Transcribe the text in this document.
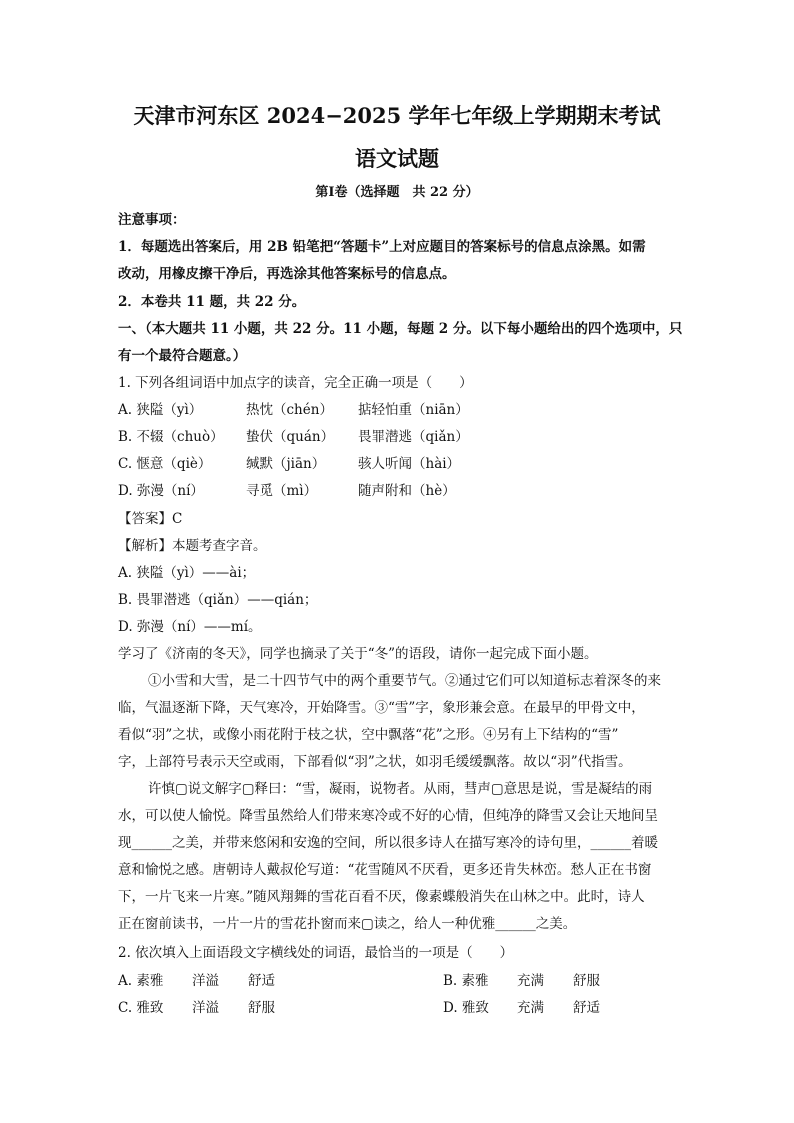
天津市河东区 2024−2025 学年七年级上学期期末考试
语文试题
第Ⅰ卷（选择题　共 22 分）
注意事项：
1．每题选出答案后，用 2B 铅笔把“答题卡”上对应题目的答案标号的信息点涂黑。如需
改动，用橡皮擦干净后，再选涂其他答案标号的信息点。
2．本卷共 11 题，共 22 分。
一、（本大题共 11 小题，共 22 分。11 小题，每题 2 分。以下每小题给出的四个选项中，只
有一个最符合题意。）
1. 下列各组词语中加点字的读音，完全正确一项是（　　）
A. 狭隘（yì）	热忱（chén） 掂轻怕重（niān）
B. 不辍（chuò） 蛰伏（quán） 畏罪潜逃（qiǎn）
C. 惬意（qiè）	缄默（jiān） 骇人听闻（hài）
D. 弥漫（ní）	寻觅（mì）	随声附和（hè）
【答案】C
【解析】本题考查字音。
A. 狭隘（yì）——ài；
B. 畏罪潜逃（qiǎn）——qián；
D. 弥漫（ní）——mí。
学习了《济南的冬天》，同学也摘录了关于“冬”的语段，请你一起完成下面小题。
①小雪和大雪，是二十四节气中的两个重要节气。②通过它们可以知道标志着深冬的来
临，气温逐渐下降，天气寒冷，开始降雪。③“雪”字，象形兼会意。在最早的甲骨文中，
看似“羽”之状，或像小雨花附于枝之状，空中飘落“花”之形。④另有上下结构的“雪”
字，上部符号表示天空或雨，下部看似“羽”之状，如羽毛缓缓飘落。故以“羽”代指雪。
许慎▢说文解字▢释曰：“雪，凝雨，说物者。从雨，彗声▢意思是说，雪是凝结的雨
水，可以使人愉悦。降雪虽然给人们带来寒冷或不好的心情，但纯净的降雪又会让天地间呈
现______之美，并带来悠闲和安逸的空间，所以很多诗人在描写寒冷的诗句里，______着暖
意和愉悦之感。唐朝诗人戴叔伦写道：“花雪随风不厌看，更多还肯失林峦。愁人正在书窗
下，一片飞来一片寒。”随风翔舞的雪花百看不厌，像素蝶般消失在山林之中。此时，诗人
正在窗前读书，一片一片的雪花扑窗而来▢读之，给人一种优雅______之美。
2. 依次填入上面语段文字横线处的词语，最恰当的一项是（　　）
A. 素雅 洋溢 舒适	B. 素雅 充满 舒服
C. 雅致 洋溢 舒服	D. 雅致 充满 舒适
